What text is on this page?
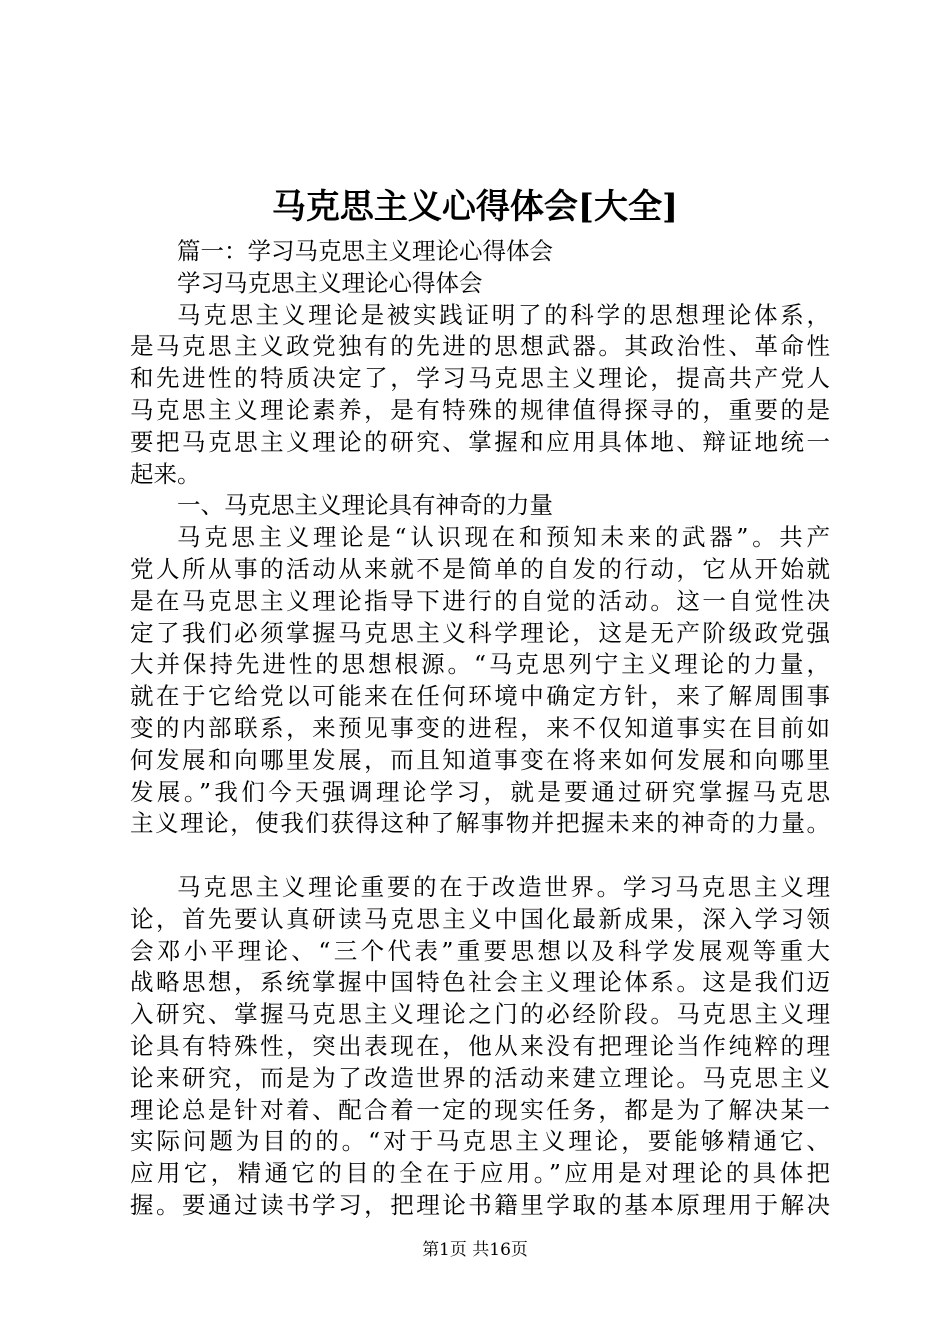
马克思主义心得体会[大全]
篇一：学习马克思主义理论心得体会
学习马克思主义理论心得体会
马克思主义理论是被实践证明了的科学的思想理论体系，
是马克思主义政党独有的先进的思想武器。其政治性、革命性
和先进性的特质决定了，学习马克思主义理论，提高共产党人
马克思主义理论素养，是有特殊的规律值得探寻的，重要的是
要把马克思主义理论的研究、掌握和应用具体地、辩证地统一
起来。
一、马克思主义理论具有神奇的力量
马克思主义理论是“认识现在和预知未来的武器”。共产
党人所从事的活动从来就不是简单的自发的行动，它从开始就
是在马克思主义理论指导下进行的自觉的活动。这一自觉性决
定了我们必须掌握马克思主义科学理论，这是无产阶级政党强
大并保持先进性的思想根源。“马克思列宁主义理论的力量，
就在于它给党以可能来在任何环境中确定方针，来了解周围事
变的内部联系，来预见事变的进程，来不仅知道事实在目前如
何发展和向哪里发展，而且知道事变在将来如何发展和向哪里
发展。”我们今天强调理论学习，就是要通过研究掌握马克思
主义理论，使我们获得这种了解事物并把握未来的神奇的力量。
马克思主义理论重要的在于改造世界。学习马克思主义理
论，首先要认真研读马克思主义中国化最新成果，深入学习领
会邓小平理论、“三个代表”重要思想以及科学发展观等重大
战略思想，系统掌握中国特色社会主义理论体系。这是我们迈
入研究、掌握马克思主义理论之门的必经阶段。马克思主义理
论具有特殊性，突出表现在，他从来没有把理论当作纯粹的理
论来研究，而是为了改造世界的活动来建立理论。马克思主义
理论总是针对着、配合着一定的现实任务，都是为了解决某一
实际问题为目的的。“对于马克思主义理论，要能够精通它、
应用它，精通它的目的全在于应用。”应用是对理论的具体把
握。要通过读书学习，把理论书籍里学取的基本原理用于解决
第1页 共16页
